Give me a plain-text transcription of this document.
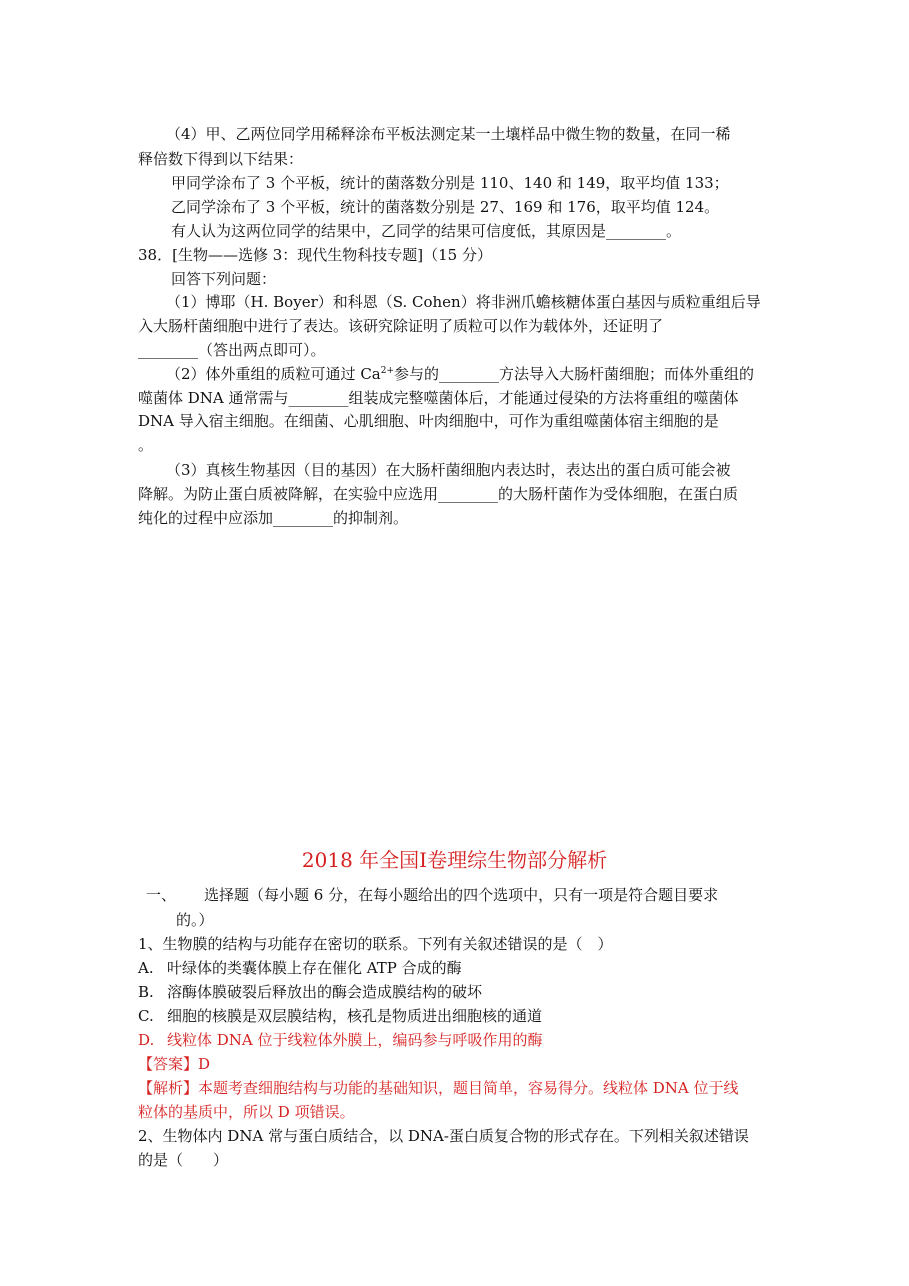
（4）甲、乙两位同学用稀释涂布平板法测定某一土壤样品中微生物的数量，在同一稀
释倍数下得到以下结果：
甲同学涂布了 3 个平板，统计的菌落数分别是 110、140 和 149，取平均值 133；
乙同学涂布了 3 个平板，统计的菌落数分别是 27、169 和 176，取平均值 124。
有人认为这两位同学的结果中，乙同学的结果可信度低，其原因是________。
38．[生物——选修 3：现代生物科技专题]（15 分）
回答下列问题：
（1）博耶（H. Boyer）和科恩（S. Cohen）将非洲爪蟾核糖体蛋白基因与质粒重组后导
入大肠杆菌细胞中进行了表达。该研究除证明了质粒可以作为载体外，还证明了
________（答出两点即可）。
（2）体外重组的质粒可通过 $Ca^{2+}$参与的________方法导入大肠杆菌细胞；而体外重组的
噬菌体 DNA 通常需与________组装成完整噬菌体后，才能通过侵染的方法将重组的噬菌体
DNA 导入宿主细胞。在细菌、心肌细胞、叶肉细胞中，可作为重组噬菌体宿主细胞的是
。
（3）真核生物基因（目的基因）在大肠杆菌细胞内表达时，表达出的蛋白质可能会被
降解。为防止蛋白质被降解，在实验中应选用________的大肠杆菌作为受体细胞，在蛋白质
纯化的过程中应添加________的抑制剂。
2018 年全国Ⅰ卷理综生物部分解析
一、 选择题（每小题 6 分，在每小题给出的四个选项中，只有一项是符合题目要求
的。）
1、生物膜的结构与功能存在密切的联系。下列有关叙述错误的是（　）
A. 叶绿体的类囊体膜上存在催化 ATP 合成的酶
B. 溶酶体膜破裂后释放出的酶会造成膜结构的破坏
C. 细胞的核膜是双层膜结构，核孔是物质进出细胞核的通道
D. 线粒体 DNA 位于线粒体外膜上，编码参与呼吸作用的酶
【答案】D
【解析】本题考查细胞结构与功能的基础知识，题目简单，容易得分。线粒体 DNA 位于线
粒体的基质中，所以 D 项错误。
2、生物体内 DNA 常与蛋白质结合，以 DNA-蛋白质复合物的形式存在。下列相关叙述错误
的是（　　）
